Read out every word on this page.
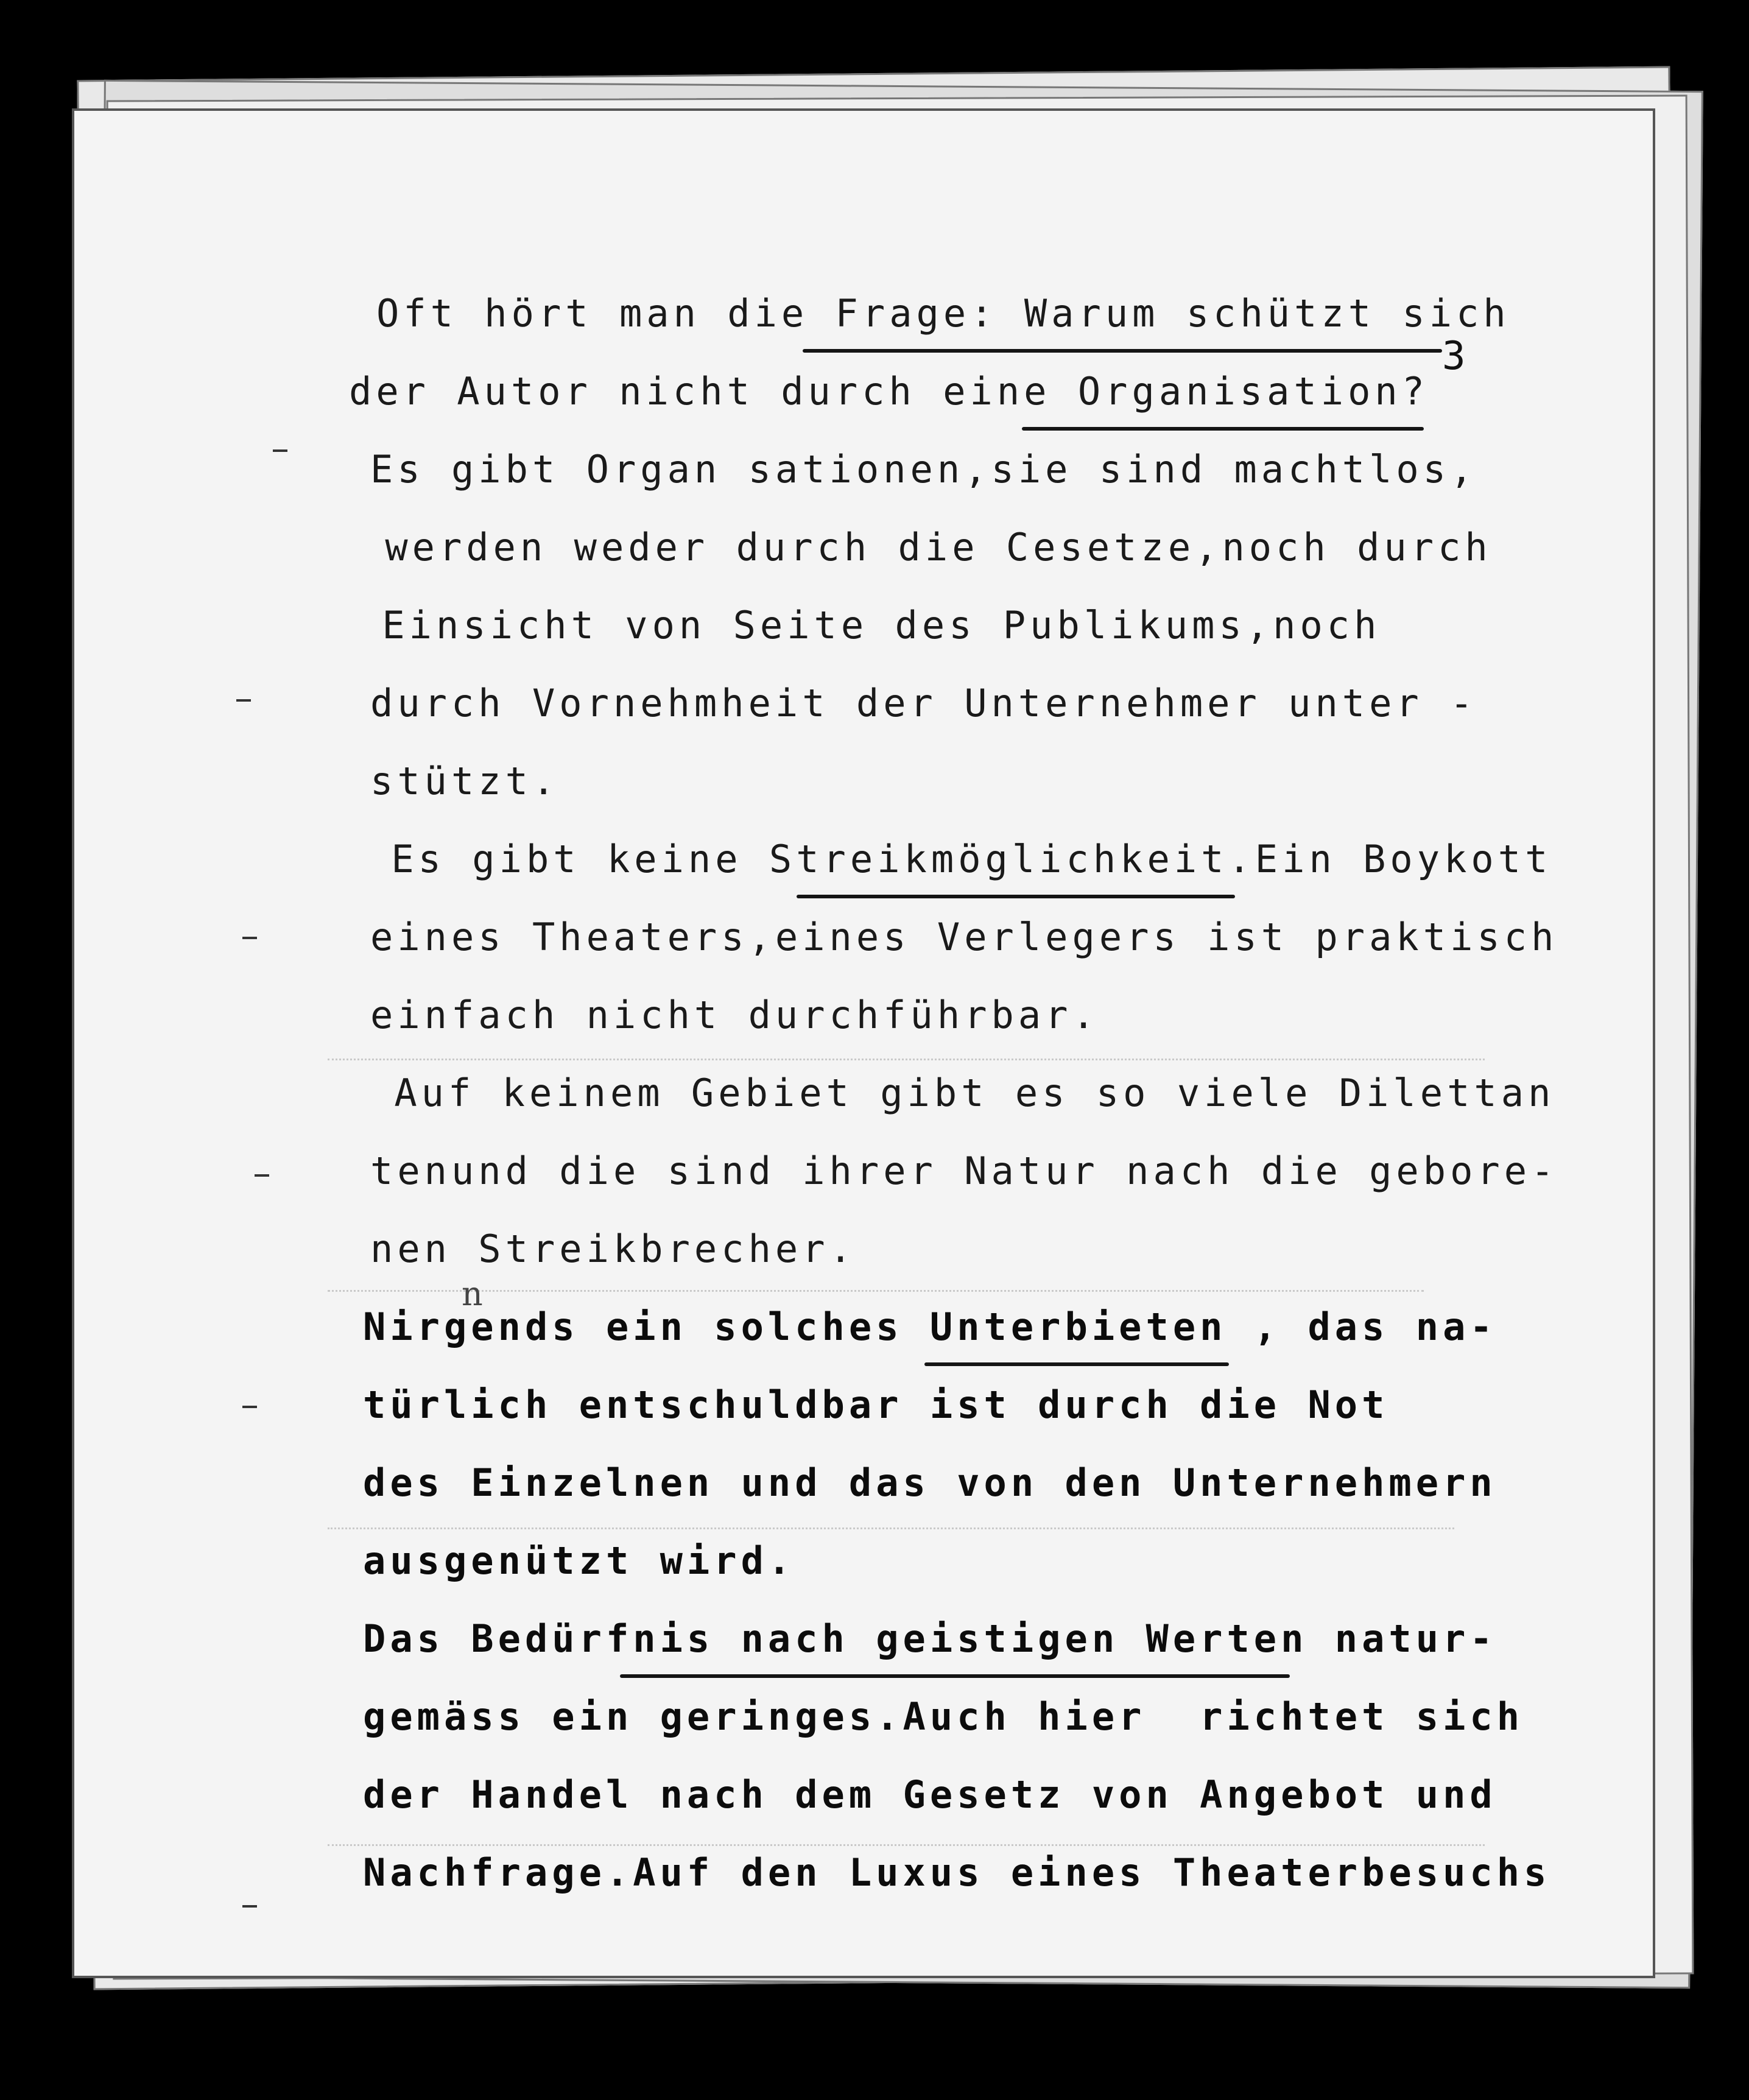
3
Oft hört man die Frage: Warum schützt sich
der Autor nicht durch eine Organisation?
Es gibt Organ sationen,sie sind machtlos,
werden weder durch die Cesetze,noch durch
Einsicht von Seite des Publikums,noch
durch Vornehmheit der Unternehmer unter -
stützt.
Es gibt keine Streikmöglichkeit.Ein Boykott
eines Theaters,eines Verlegers ist praktisch
einfach nicht durchführbar.
Auf keinem Gebiet gibt es so viele Dilettan
tenund die sind ihrer Natur nach die gebore-
nen Streikbrecher.
Nirgends ein solches Unterbieten , das na-
türlich entschuldbar ist durch die Not
des Einzelnen und das von den Unternehmern
ausgenützt wird.
Das Bedürfnis nach geistigen Werten natur-
gemäss ein geringes.Auch hier  richtet sich
der Handel nach dem Gesetz von Angebot und
Nachfrage.Auf den Luxus eines Theaterbesuchs
n
